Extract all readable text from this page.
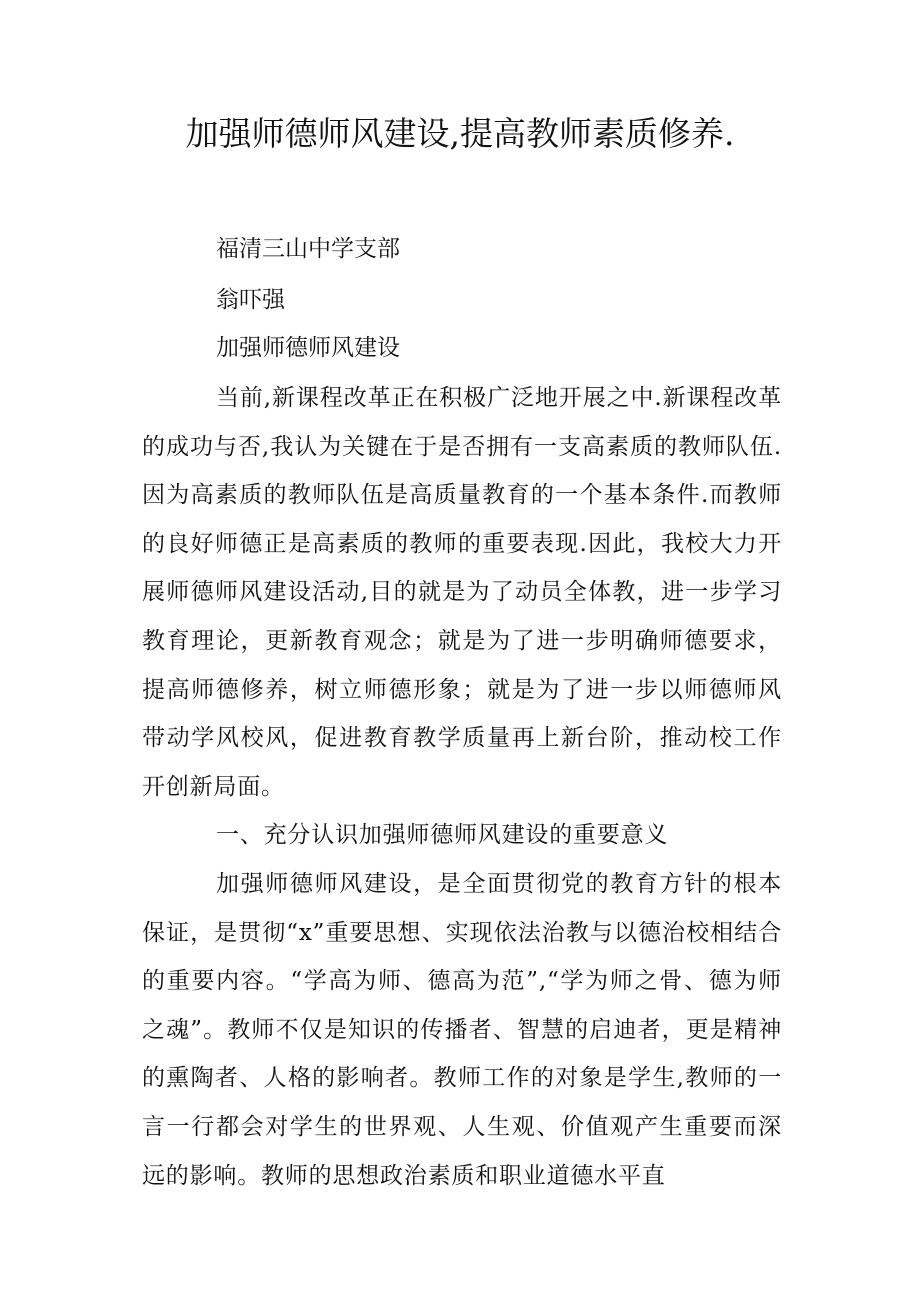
加强师德师风建设,提高教师素质修养.
福清三山中学支部
翁吓强
加强师德师风建设

当前,新课程改革正在积极广泛地开展之中.新课程改革的成功与否,我认为关键在于是否拥有一支高素质的教师队伍.因为高素质的教师队伍是高质量教育的一个基本条件.而教师的良好师德正是高素质的教师的重要表现.因此，我校大力开展师德师风建设活动,目的就是为了动员全体教，进一步学习教育理论，更新教育观念；就是为了进一步明确师德要求，提高师德修养，树立师德形象；就是为了进一步以师德师风带动学风校风，促进教育教学质量再上新台阶，推动校工作开创新局面。

一、充分认识加强师德师风建设的重要意义

加强师德师风建设，是全面贯彻党的教育方针的根本保证，是贯彻“x”重要思想、实现依法治教与以德治校相结合的重要内容。“学高为师、德高为范”,“学为师之骨、德为师之魂”。教师不仅是知识的传播者、智慧的启迪者，更是精神的熏陶者、人格的影响者。教师工作的对象是学生,教师的一言一行都会对学生的世界观、人生观、价值观产生重要而深远的影响。教师的思想政治素质和职业道德水平直
